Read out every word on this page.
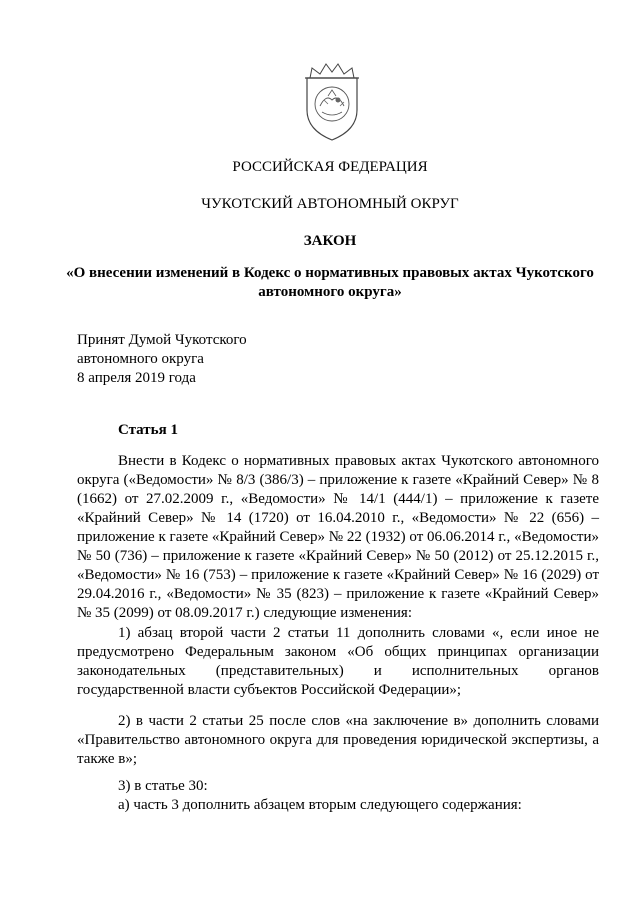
РОССИЙСКАЯ ФЕДЕРАЦИЯ
ЧУКОТСКИЙ АВТОНОМНЫЙ ОКРУГ
ЗАКОН
«О внесении изменений в Кодекс о нормативных правовых актах Чукотского автономного округа»
Принят Думой Чукотского
автономного округа
8 апреля 2019 года
Статья 1
Внести в Кодекс о нормативных правовых актах Чукотского автономного округа («Ведомости» № 8/3 (386/3) – приложение к газете «Крайний Север» № 8 (1662) от 27.02.2009 г., «Ведомости» № 14/1 (444/1) – приложение к газете «Крайний Север» № 14 (1720) от 16.04.2010 г., «Ведомости» № 22 (656) – приложение к газете «Крайний Север» № 22 (1932) от 06.06.2014 г., «Ведомости» № 50 (736) – приложение к газете «Крайний Север» № 50 (2012) от 25.12.2015 г., «Ведомости» № 16 (753) – приложение к газете «Крайний Север» № 16 (2029) от 29.04.2016 г., «Ведомости» № 35 (823) – приложение к газете «Крайний Север» № 35 (2099) от 08.09.2017 г.) следующие изменения:
1) абзац второй части 2 статьи 11 дополнить словами «, если иное не предусмотрено Федеральным законом «Об общих принципах организации законодательных (представительных) и исполнительных органов государственной власти субъектов Российской Федерации»;
2) в части 2 статьи 25 после слов «на заключение в» дополнить словами «Правительство автономного округа для проведения юридической экспертизы, а также в»;
3) в статье 30:
а) часть 3 дополнить абзацем вторым следующего содержания:
